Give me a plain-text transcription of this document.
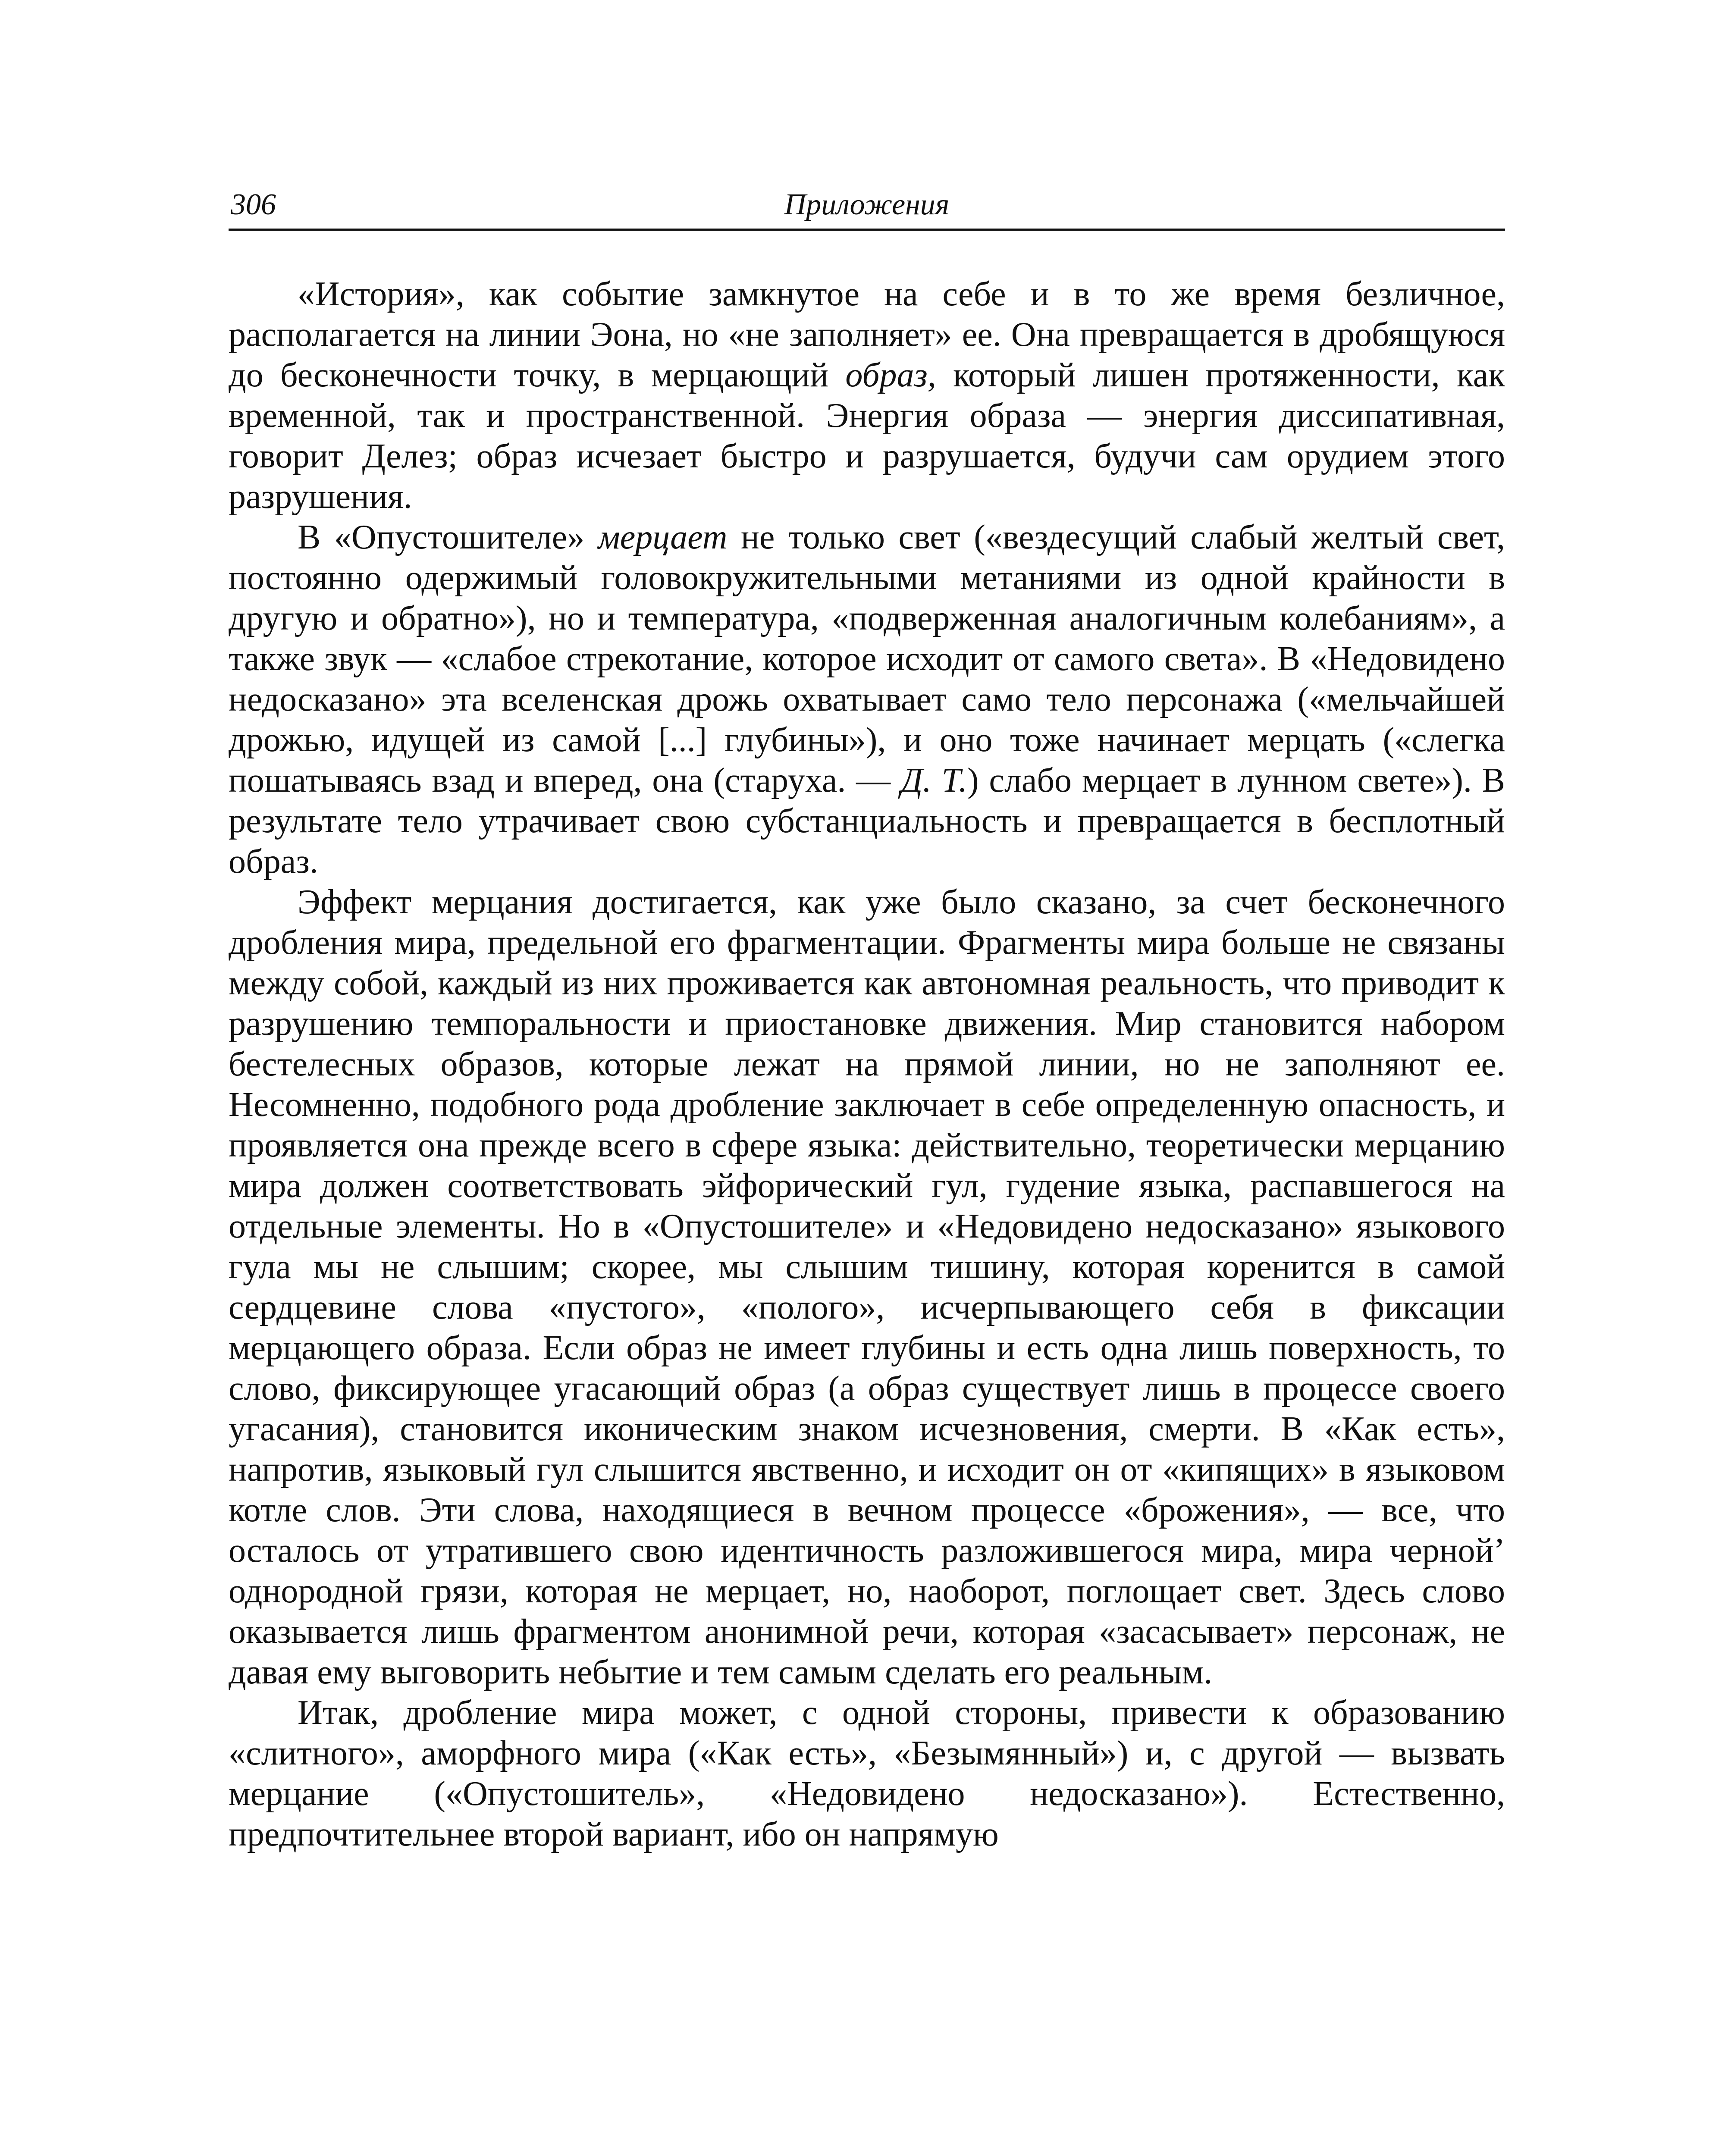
306	Приложения

«История», как событие замкнутое на себе и в то же время безличное, располагается на линии Эона, но «не заполняет» ее. Она превращается в дробящуюся до бесконечности точку, в мерцающий образ, который лишен протяженности, как временной, так и пространственной. Энергия образа — энергия диссипативная, говорит Делез; образ исчезает быстро и разрушается, будучи сам орудием этого разрушения.

В «Опустошителе» мерцает не только свет («вездесущий слабый желтый свет, постоянно одержимый головокружительными метаниями из одной крайности в другую и обратно»), но и температура, «подверженная аналогичным колебаниям», а также звук — «слабое стрекотание, которое исходит от самого света». В «Недовидено недосказано» эта вселенская дрожь охватывает само тело персонажа («мельчайшей дрожью, идущей из самой [...] глубины»), и оно тоже начинает мерцать («слегка пошатываясь взад и вперед, она (старуха. — Д. Т.) слабо мерцает в лунном свете»). В результате тело утрачивает свою субстанциальность и превращается в бесплотный образ.

Эффект мерцания достигается, как уже было сказано, за счет бесконечного дробления мира, предельной его фрагментации. Фрагменты мира больше не связаны между собой, каждый из них проживается как автономная реальность, что приводит к разрушению темпоральности и приостановке движения. Мир становится набором бестелесных образов, которые лежат на прямой линии, но не заполняют ее. Несомненно, подобного рода дробление заключает в себе определенную опасность, и проявляется она прежде всего в сфере языка: действительно, теоретически мерцанию мира должен соответствовать эйфорический гул, гудение языка, распавшегося на отдельные элементы. Но в «Опустошителе» и «Недовидено недосказано» языкового гула мы не слышим; скорее, мы слышим тишину, которая коренится в самой сердцевине слова «пустого», «полого», исчерпывающего себя в фиксации мерцающего образа. Если образ не имеет глубины и есть одна лишь поверхность, то слово, фиксирующее угасающий образ (а образ существует лишь в процессе своего угасания), становится иконическим знаком исчезновения, смерти. В «Как есть», напротив, языковый гул слышится явственно, и исходит он от «кипящих» в языковом котле слов. Эти слова, находящиеся в вечном процессе «брожения», — все, что осталось от утратившего свою идентичность разложившегося мира, мира черной’ однородной грязи, которая не мерцает, но, наоборот, поглощает свет. Здесь слово оказывается лишь фрагментом анонимной речи, которая «засасывает» персонаж, не давая ему выговорить небытие и тем самым сделать его реальным.

Итак, дробление мира может, с одной стороны, привести к образованию «слитного», аморфного мира («Как есть», «Безымянный») и, с другой — вызвать мерцание («Опустошитель», «Недовидено недосказано»). Естественно, предпочтительнее второй вариант, ибо он напрямую
